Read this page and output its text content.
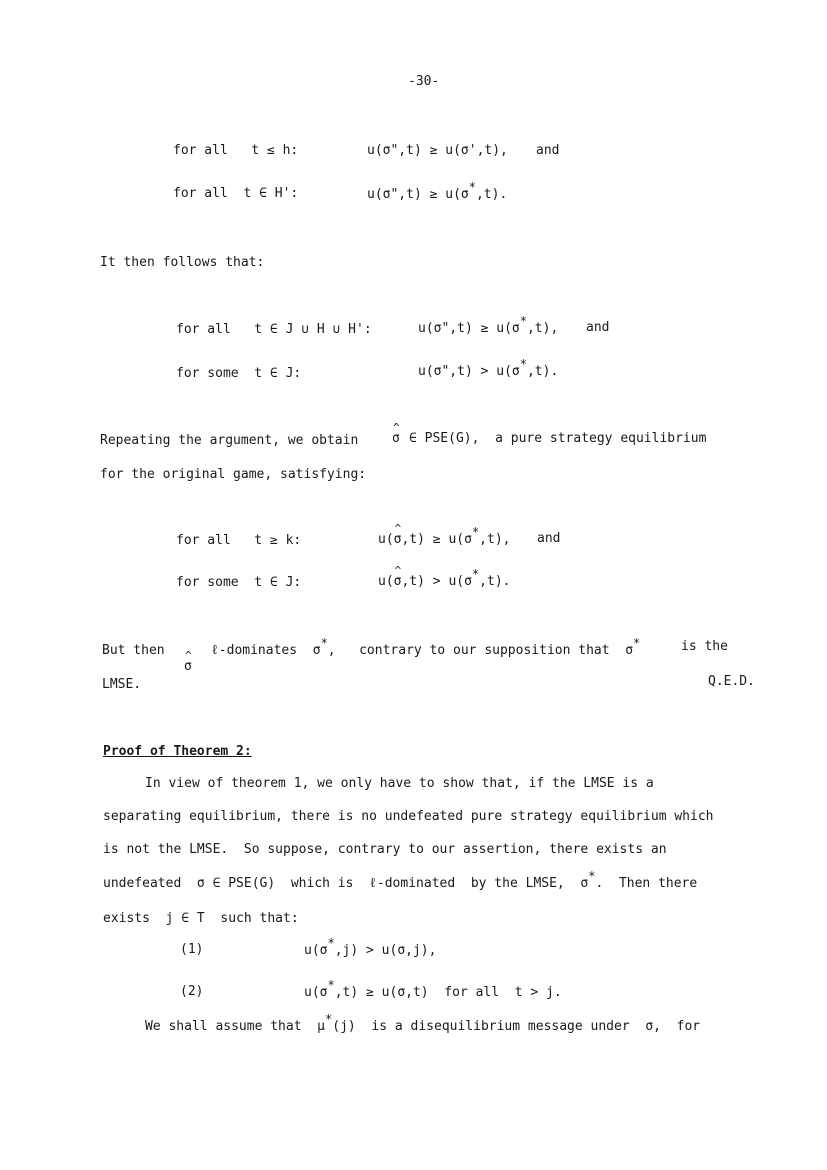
-30-
for all   t ≤ h:	u(σ",t) ≥ u(σ',t), and
for all  t ∈ H':	u(σ",t) ≥ u(σ*,t).
It then follows that:
for all   t ∈ J ∪ H ∪ H':	u(σ",t) ≥ u(σ*,t), and
for some  t ∈ J:	u(σ",t) > u(σ*,t).
Repeating the argument, we obtain
^	σ ∈ PSE(G),  a pure strategy equilibrium
for the original game, satisfying:
for all   t ≥ k:	u(^ σ,t) ≥ u(σ*,t), and
for some  t ∈ J:	u(^ σ,t) > u(σ*,t).
But then
^ σ
ℓ-dominates  σ*,   contrary to our supposition that  σ*	is the
LMSE.	Q.E.D.
Proof of Theorem 2:
In view of theorem 1, we only have to show that, if the LMSE is a
separating equilibrium, there is no undefeated pure strategy equilibrium which
is not the LMSE.  So suppose, contrary to our assertion, there exists an
undefeated  σ ∈ PSE(G)  which is  ℓ-dominated  by the LMSE,  σ*.  Then there
exists  j ∈ T  such that:
(1)	u(σ*,j) > u(σ,j),
(2)	u(σ*,t) ≥ u(σ,t)  for all  t > j.
We shall assume that  μ*(j)  is a disequilibrium message under  σ,  for
